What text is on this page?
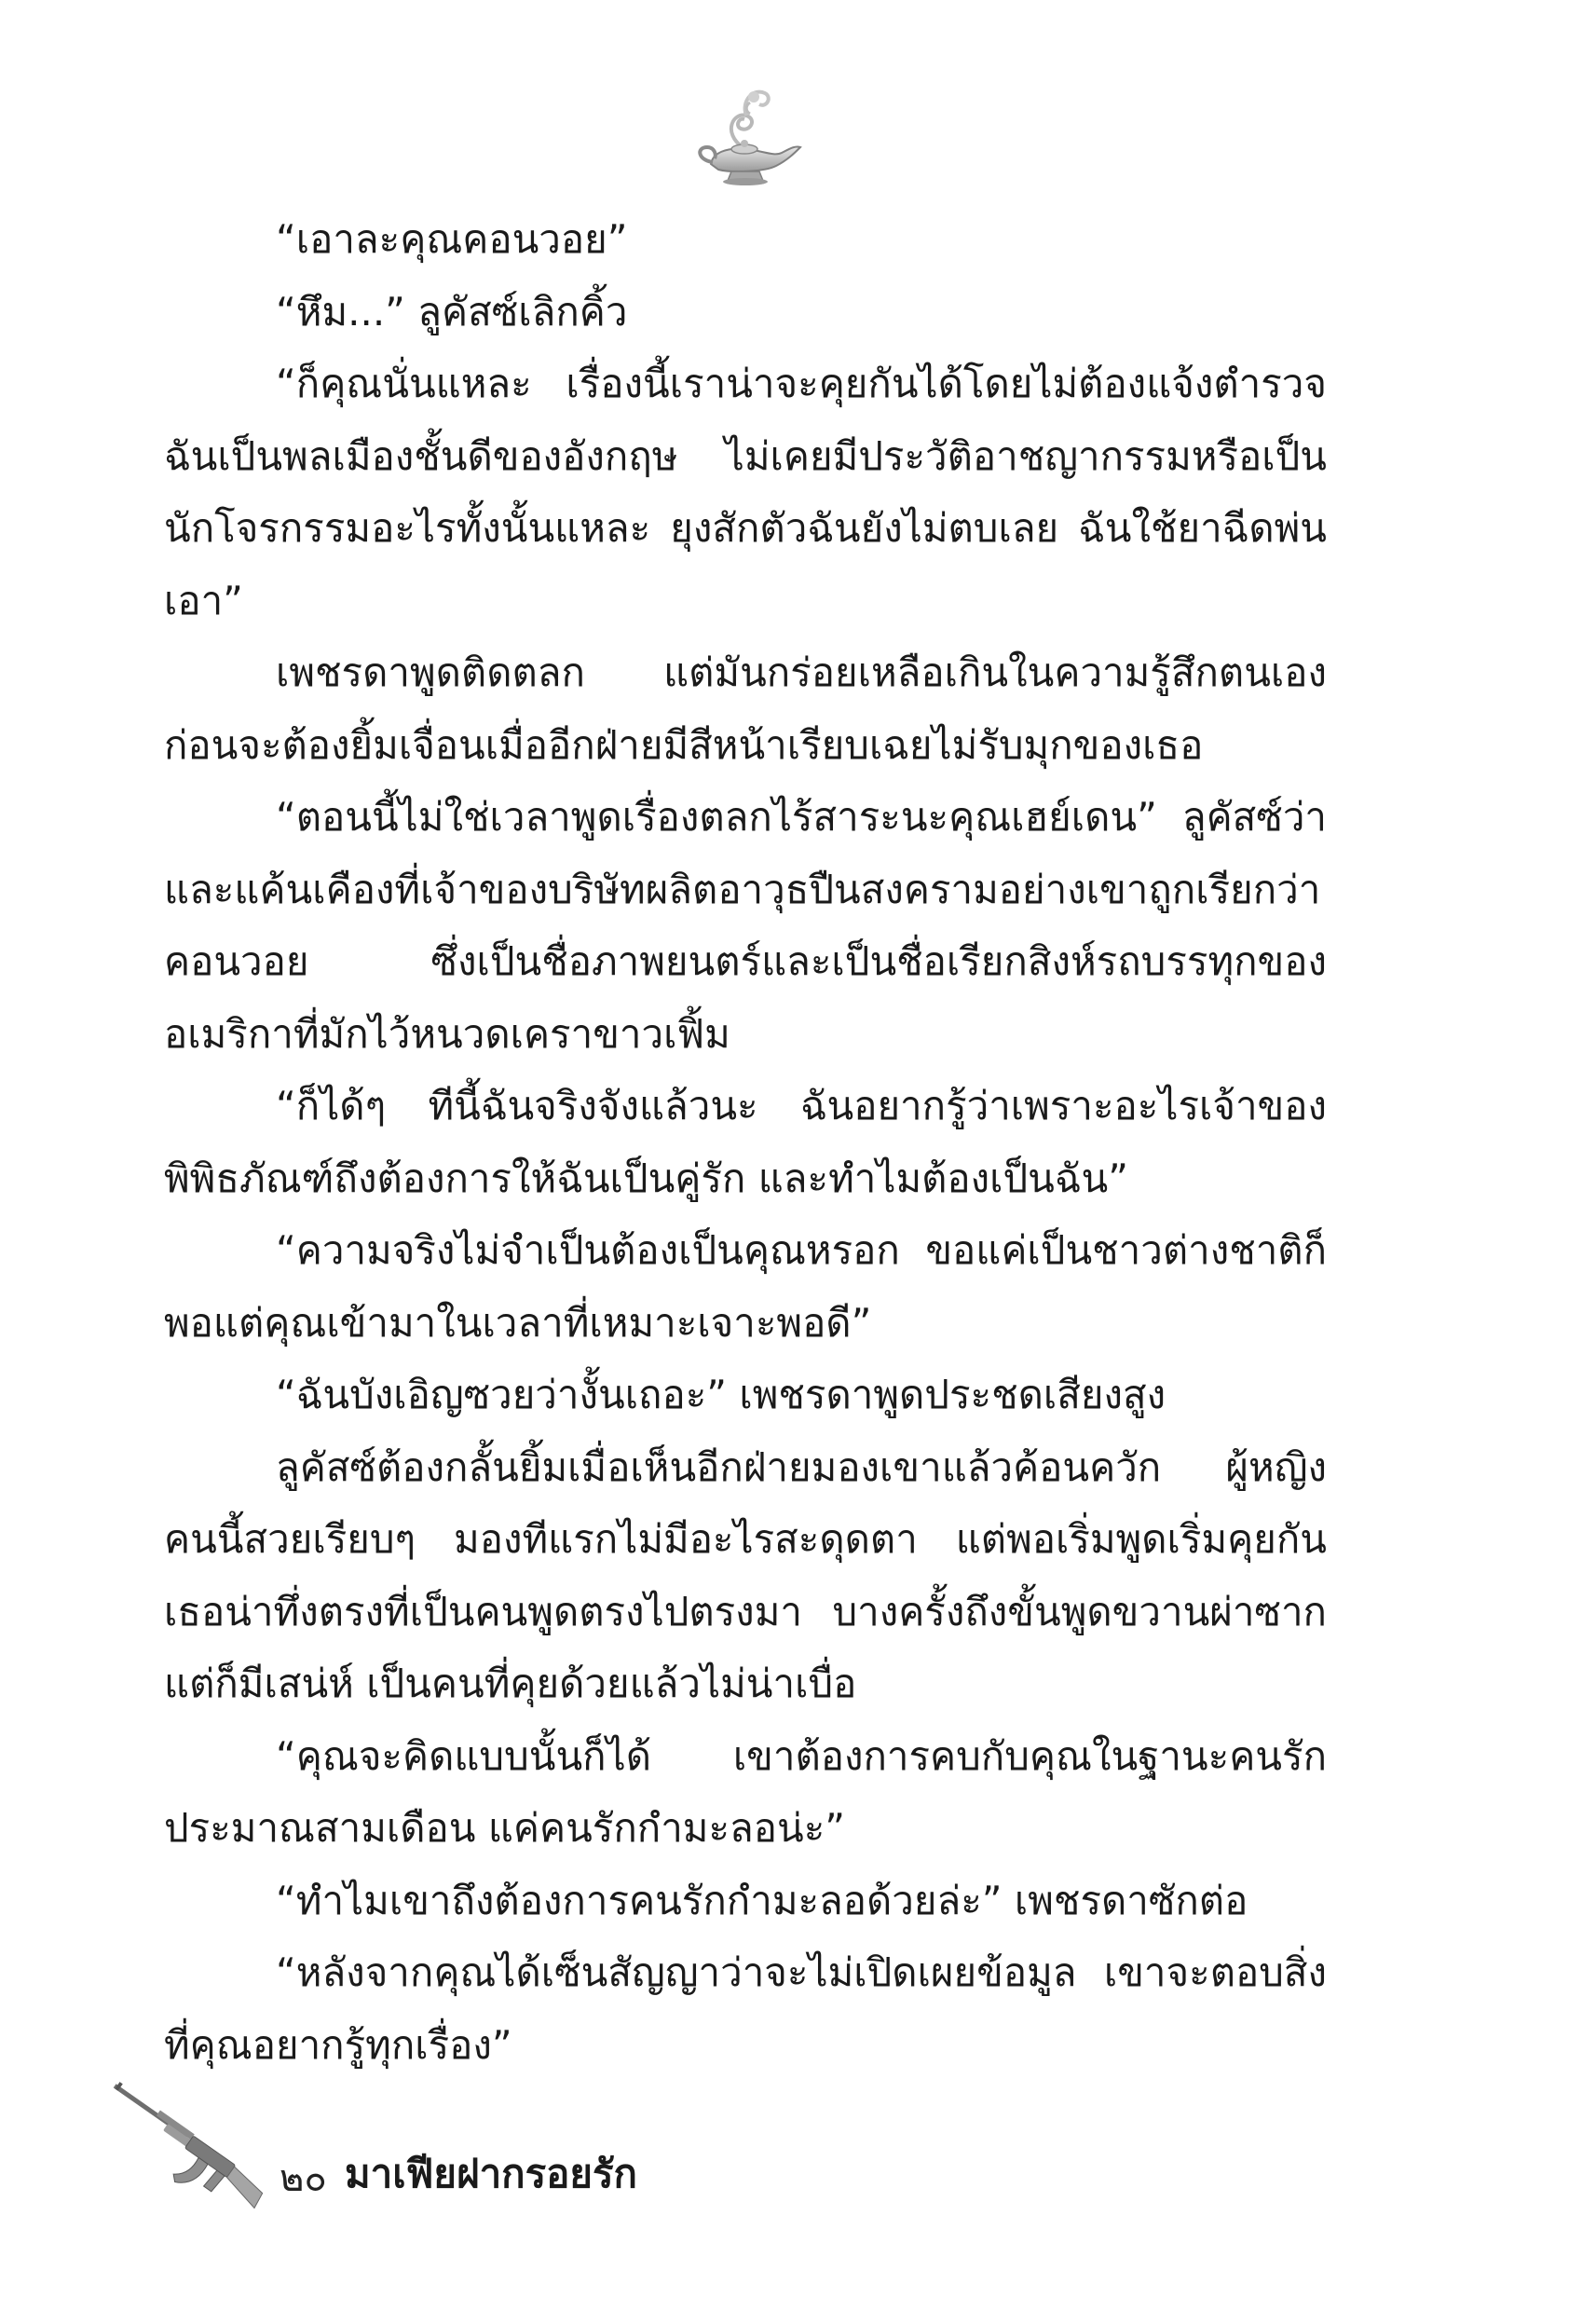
“เอาละคุณคอนวอย”

“หึม...” ลูคัสซ์เลิกคิ้ว

“ก็คุณนั่นแหละ เรื่องนี้เราน่าจะคุยกันได้โดยไม่ต้องแจ้งตำรวจ ฉันเป็นพลเมืองชั้นดีของอังกฤษ ไม่เคยมีประวัติอาชญากรรมหรือเป็นนักโจรกรรมอะไรทั้งนั้นแหละ ยุงสักตัวฉันยังไม่ตบเลย ฉันใช้ยาฉีดพ่นเอา”

เพชรดาพูดติดตลก แต่มันกร่อยเหลือเกินในความรู้สึกตนเอง ก่อนจะต้องยิ้มเจื่อนเมื่ออีกฝ่ายมีสีหน้าเรียบเฉยไม่รับมุกของเธอ

“ตอนนี้ไม่ใช่เวลาพูดเรื่องตลกไร้สาระนะคุณเฮย์เดน” ลูคัสซ์ว่าและแค้นเคืองที่เจ้าของบริษัทผลิตอาวุธปืนสงครามอย่างเขาถูกเรียกว่าคอนวอย ซึ่งเป็นชื่อภาพยนตร์และเป็นชื่อเรียกสิงห์รถบรรทุกของอเมริกาที่มักไว้หนวดเคราขาวเฟิ้ม

“ก็ได้ๆ ทีนี้ฉันจริงจังแล้วนะ ฉันอยากรู้ว่าเพราะอะไรเจ้าของพิพิธภัณฑ์ถึงต้องการให้ฉันเป็นคู่รัก และทำไมต้องเป็นฉัน”

“ความจริงไม่จำเป็นต้องเป็นคุณหรอก ขอแค่เป็นชาวต่างชาติก็พอแต่คุณเข้ามาในเวลาที่เหมาะเจาะพอดี”

“ฉันบังเอิญซวยว่างั้นเถอะ” เพชรดาพูดประชดเสียงสูง

ลูคัสซ์ต้องกลั้นยิ้มเมื่อเห็นอีกฝ่ายมองเขาแล้วค้อนควัก ผู้หญิงคนนี้สวยเรียบๆ มองทีแรกไม่มีอะไรสะดุดตา แต่พอเริ่มพูดเริ่มคุยกันเธอน่าทึ่งตรงที่เป็นคนพูดตรงไปตรงมา บางครั้งถึงขั้นพูดขวานผ่าซากแต่ก็มีเสน่ห์ เป็นคนที่คุยด้วยแล้วไม่น่าเบื่อ

“คุณจะคิดแบบนั้นก็ได้ เขาต้องการคบกับคุณในฐานะคนรักประมาณสามเดือน แค่คนรักกำมะลอน่ะ”

“ทำไมเขาถึงต้องการคนรักกำมะลอด้วยล่ะ” เพชรดาซักต่อ

“หลังจากคุณได้เซ็นสัญญาว่าจะไม่เปิดเผยข้อมูล เขาจะตอบสิ่งที่คุณอยากรู้ทุกเรื่อง”

๒๐ มาเฟียฝากรอยรัก
